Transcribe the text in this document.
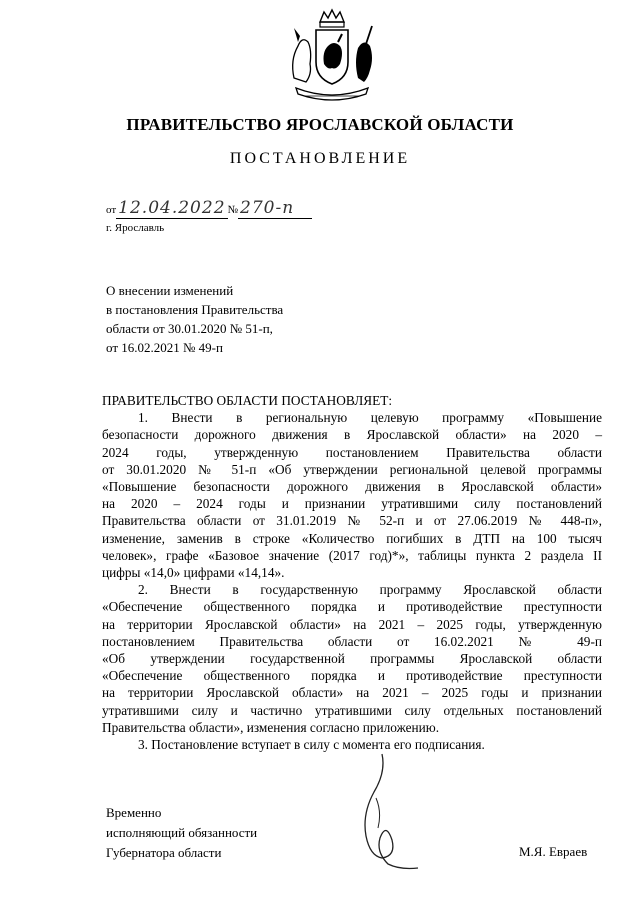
ПРАВИТЕЛЬСТВО ЯРОСЛАВСКОЙ ОБЛАСТИ
ПОСТАНОВЛЕНИЕ
от 12.04.2022 № 270-п
г. Ярославль
О внесении изменений
в постановления Правительства
области от 30.01.2020 № 51-п,
от 16.02.2021 № 49-п

ПРАВИТЕЛЬСТВО ОБЛАСТИ ПОСТАНОВЛЯЕТ:

1. Внести в региональную целевую программу «Повышение

безопасности дорожного движения в Ярославской области» на 2020 –

2024 годы, утвержденную постановлением Правительства области

от 30.01.2020 № 51-п «Об утверждении региональной целевой программы

«Повышение безопасности дорожного движения в Ярославской области»

на 2020 – 2024 годы и признании утратившими силу постановлений

Правительства области от 31.01.2019 № 52-п и от 27.06.2019 № 448-п»,

изменение, заменив в строке «Количество погибших в ДТП на 100 тысяч

человек», графе «Базовое значение (2017 год)*», таблицы пункта 2 раздела II

цифры «14,0» цифрами «14,14».

2. Внести в государственную программу Ярославской области

«Обеспечение общественного порядка и противодействие преступности

на территории Ярославской области» на 2021 – 2025 годы, утвержденную

постановлением Правительства области от 16.02.2021 № 49-п

«Об утверждении государственной программы Ярославской области

«Обеспечение общественного порядка и противодействие преступности

на территории Ярославской области» на 2021 – 2025 годы и признании

утратившими силу и частично утратившими силу отдельных постановлений

Правительства области», изменения согласно приложению.

3. Постановление вступает в силу с момента его подписания.

Временно
исполняющий обязанности
Губернатора области	М.Я. Евраев
